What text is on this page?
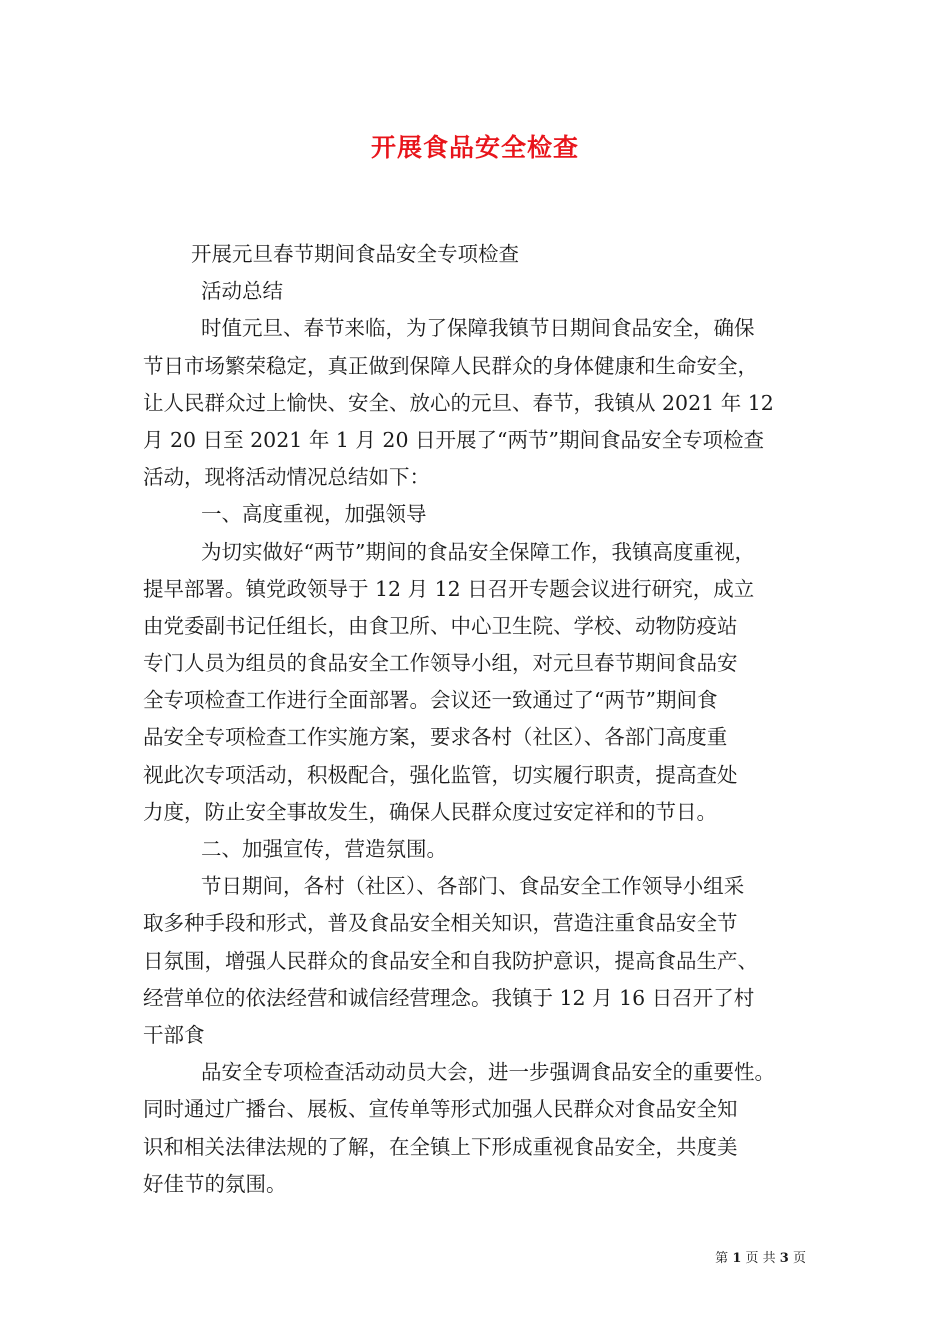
开展食品安全检查
开展元旦春节期间食品安全专项检查
活动总结
时值元旦、春节来临，为了保障我镇节日期间食品安全，确保
节日市场繁荣稳定，真正做到保障人民群众的身体健康和生命安全，
让人民群众过上愉快、安全、放心的元旦、春节，我镇从 2021 年 12
月 20 日至 2021 年 1 月 20 日开展了“两节”期间食品安全专项检查
活动，现将活动情况总结如下：
一、高度重视，加强领导
为切实做好“两节”期间的食品安全保障工作，我镇高度重视，
提早部署。镇党政领导于 12 月 12 日召开专题会议进行研究，成立
由党委副书记任组长，由食卫所、中心卫生院、学校、动物防疫站
专门人员为组员的食品安全工作领导小组，对元旦春节期间食品安
全专项检查工作进行全面部署。会议还一致通过了“两节”期间食
品安全专项检查工作实施方案，要求各村（社区）、各部门高度重
视此次专项活动，积极配合，强化监管，切实履行职责，提高查处
力度，防止安全事故发生，确保人民群众度过安定祥和的节日。
二、加强宣传，营造氛围。
节日期间，各村（社区）、各部门、食品安全工作领导小组采
取多种手段和形式，普及食品安全相关知识，营造注重食品安全节
日氛围，增强人民群众的食品安全和自我防护意识，提高食品生产、
经营单位的依法经营和诚信经营理念。我镇于 12 月 16 日召开了村
干部食
品安全专项检查活动动员大会，进一步强调食品安全的重要性。
同时通过广播台、展板、宣传单等形式加强人民群众对食品安全知
识和相关法律法规的了解，在全镇上下形成重视食品安全，共度美
好佳节的氛围。
第 1 页 共 3 页
